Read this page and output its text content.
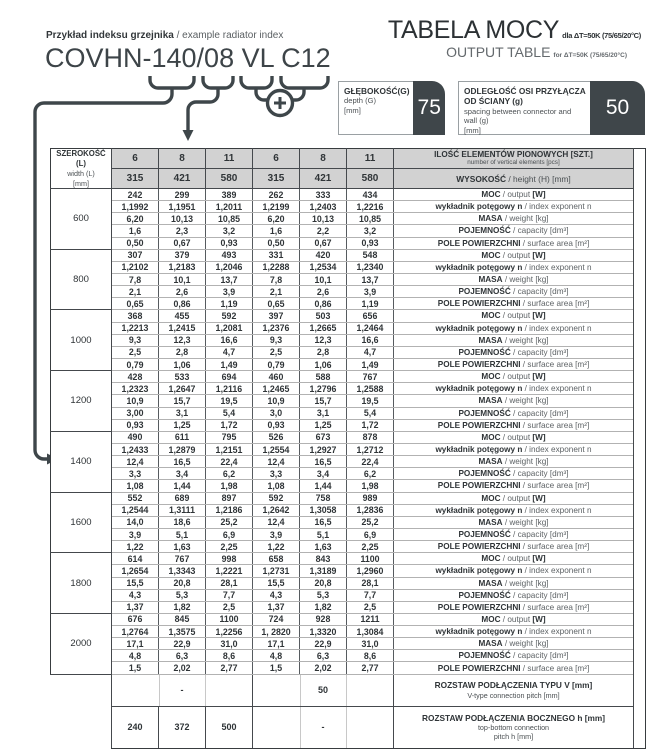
Przykład indeksu grzejnika / example radiator index
COVHN-140/08 VL C12
TABELA MOCY dla ΔT=50K (75/65/20°C)
OUTPUT TABLE for ΔT=50K (75/65/20°C)
GŁĘBOKOŚĆ(G)
depth (G)
[mm]	75
ODLEGŁOŚĆ OSI PRZYŁĄCZA OD ŚCIANY (g)
spacing between connector and wall (g)
[mm]
50
SZEROKOŚĆ (L)
width (L)
[mm]	6	8	11	6	8	11	ILOŚĆ ELEMENTÓW PIONOWYCH [SZT.]
number of vertical elements [pcs]	

	315	421	580	315	421	580	WYSOKOŚĆ / height (H) [mm]	
600	242	299	389	262	333	434	MOC / output [W]	
	1,1992	1,1951	1,2011	1,2199	1,2403	1,2216	wykładnik potęgowy n / index exponent n	
	6,20	10,13	10,85	6,20	10,13	10,85	MASA / weight [kg]	
	1,6	2,3	3,2	1,6	2,2	3,2	POJEMNOŚĆ / capacity [dm³]	
	0,50	0,67	0,93	0,50	0,67	0,93	POLE POWIERZCHNI / surface area [m²]	
800	307	379	493	331	420	548	MOC / output [W]	
	1,2102	1,2183	1,2046	1,2288	1,2534	1,2340	wykładnik potęgowy n / index exponent n	
	7,8	10,1	13,7	7,8	10,1	13,7	MASA / weight [kg]	
	2,1	2,6	3,9	2,1	2,6	3,9	POJEMNOŚĆ / capacity [dm³]	
	0,65	0,86	1,19	0,65	0,86	1,19	POLE POWIERZCHNI / surface area [m²]	
1000	368	455	592	397	503	656	MOC / output [W]	
	1,2213	1,2415	1,2081	1,2376	1,2665	1,2464	wykładnik potęgowy n / index exponent n	
	9,3	12,3	16,6	9,3	12,3	16,6	MASA / weight [kg]	
	2,5	2,8	4,7	2,5	2,8	4,7	POJEMNOŚĆ / capacity [dm³]	
	0,79	1,06	1,49	0,79	1,06	1,49	POLE POWIERZCHNI / surface area [m²]	
1200	428	533	694	460	588	767	MOC / output [W]	
	1,2323	1,2647	1,2116	1,2465	1,2796	1,2588	wykładnik potęgowy n / index exponent n	
	10,9	15,7	19,5	10,9	15,7	19,5	MASA / weight [kg]	
	3,00	3,1	5,4	3,0	3,1	5,4	POJEMNOŚĆ / capacity [dm³]	
	0,93	1,25	1,72	0,93	1,25	1,72	POLE POWIERZCHNI / surface area [m²]	
1400	490	611	795	526	673	878	MOC / output [W]	
	1,2433	1,2879	1,2151	1,2554	1,2927	1,2712	wykładnik potęgowy n / index exponent n	
	12,4	16,5	22,4	12,4	16,5	22,4	MASA / weight [kg]	
	3,3	3,4	6,2	3,3	3,4	6,2	POJEMNOŚĆ / capacity [dm³]	
	1,08	1,44	1,98	1,08	1,44	1,98	POLE POWIERZCHNI / surface area [m²]	
1600	552	689	897	592	758	989	MOC / output [W]	
	1,2544	1,3111	1,2186	1,2642	1,3058	1,2836	wykładnik potęgowy n / index exponent n	
	14,0	18,6	25,2	12,4	16,5	25,2	MASA / weight [kg]	
	3,9	5,1	6,9	3,9	5,1	6,9	POJEMNOŚĆ / capacity [dm³]	
	1,22	1,63	2,25	1,22	1,63	2,25	POLE POWIERZCHNI / surface area [m²]	
1800	614	767	998	658	843	1100	MOC / output [W]	
	1,2654	1,3343	1,2221	1,2731	1,3189	1,2960	wykładnik potęgowy n / index exponent n	
	15,5	20,8	28,1	15,5	20,8	28,1	MASA / weight [kg]	
	4,3	5,3	7,7	4,3	5,3	7,7	POJEMNOŚĆ / capacity [dm³]	
	1,37	1,82	2,5	1,37	1,82	2,5	POLE POWIERZCHNI / surface area [m²]	
2000	676	845	1100	724	928	1211	MOC / output [W]	
	1,2764	1,3575	1,2256	1, 2820	1,3320	1,3084	wykładnik potęgowy n / index exponent n	
	17,1	22,9	31,0	17,1	22,9	31,0	MASA / weight [kg]	
	4,8	6,3	8,6	4,8	6,3	8,6	POJEMNOŚĆ / capacity [dm³]	
	1,5	2,02	2,77	1,5	2,02	2,77	POLE POWIERZCHNI / surface area [m²]	
	-			50			ROZSTAW PODŁĄCZENIA TYPU V [mm]
V-type connection pitch [mm]	

	240	372	500	-			ROZSTAW PODŁĄCZENIA BOCZNEGO h [mm]
top-bottom connection
pitch h [mm]	
